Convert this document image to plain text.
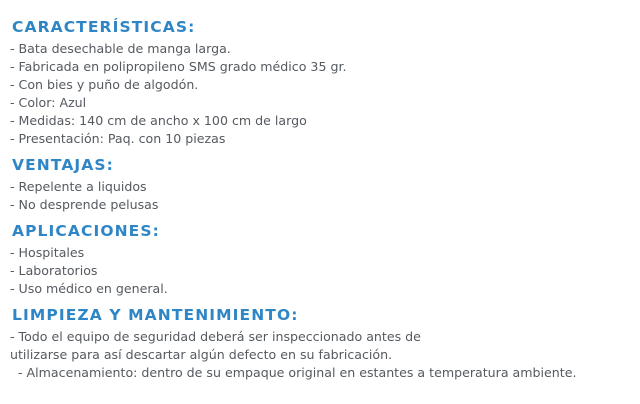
CARACTERÍSTICAS:
- Bata desechable de manga larga.
- Fabricada en polipropileno SMS grado médico 35 gr.
- Con bies y puño de algodón.
- Color: Azul
- Medidas: 140 cm de ancho x 100 cm de largo
- Presentación: Paq. con 10 piezas
VENTAJAS:
- Repelente a liquidos
- No desprende pelusas
APLICACIONES:
- Hospitales
- Laboratorios
- Uso médico en general.
LIMPIEZA Y MANTENIMIENTO:
- Todo el equipo de seguridad deberá ser inspeccionado antes de
utilizarse para así descartar algún defecto en su fabricación.
- Almacenamiento: dentro de su empaque original en estantes a temperatura ambiente.
